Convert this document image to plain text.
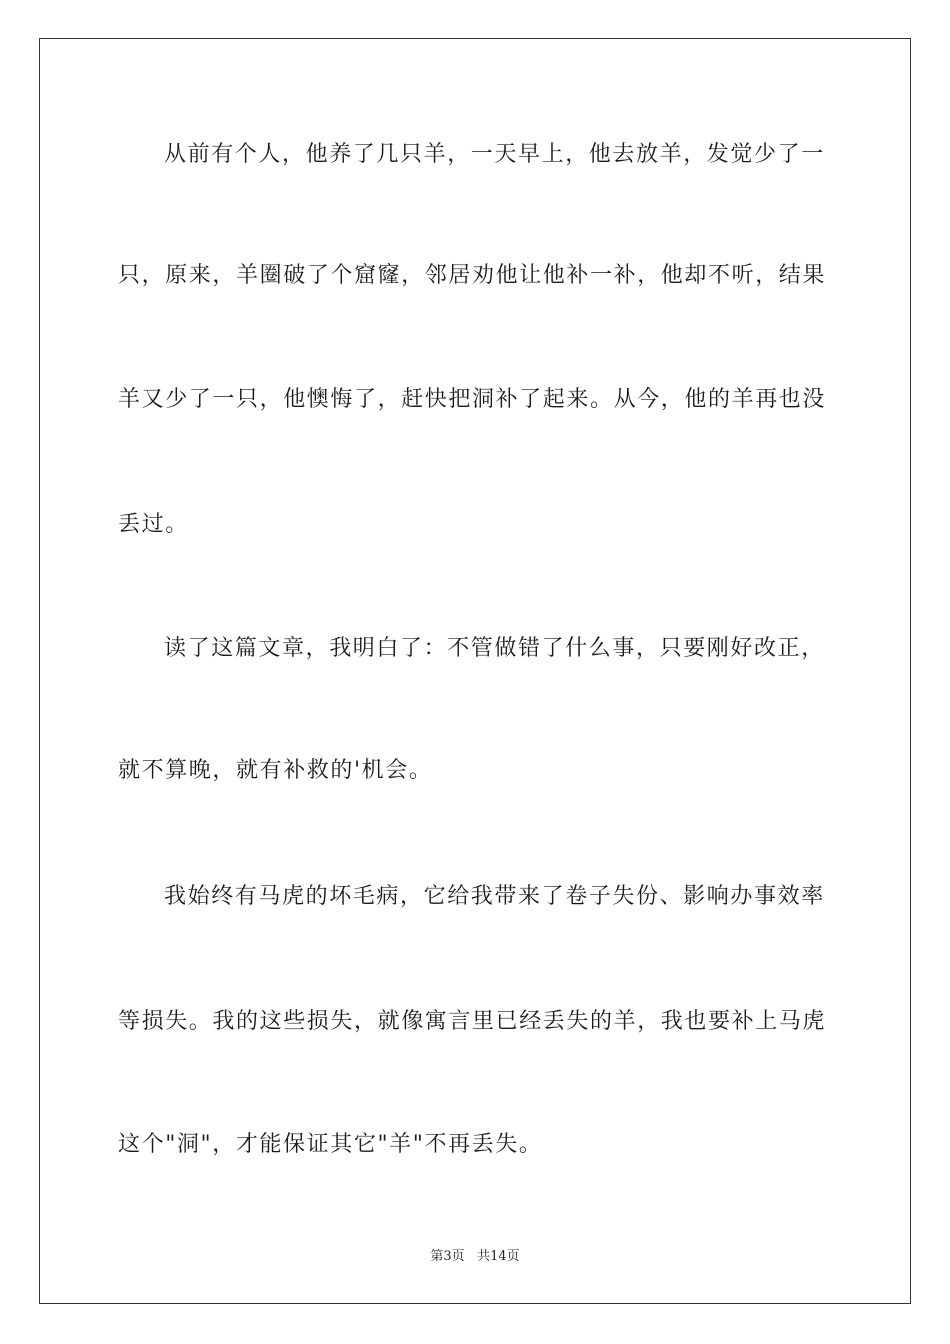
从前有个人，他养了几只羊，一天早上，他去放羊，发觉少了一
只，原来，羊圈破了个窟窿，邻居劝他让他补一补，他却不听，结果
羊又少了一只，他懊悔了，赶快把洞补了起来。从今，他的羊再也没
丢过。
读了这篇文章，我明白了：不管做错了什么事，只要刚好改正，
就不算晚，就有补救的'机会。
我始终有马虎的坏毛病，它给我带来了卷子失份、影响办事效率
等损失。我的这些损失，就像寓言里已经丢失的羊，我也要补上马虎
这个"洞"，才能保证其它"羊"不再丢失。
第3页 共14页
